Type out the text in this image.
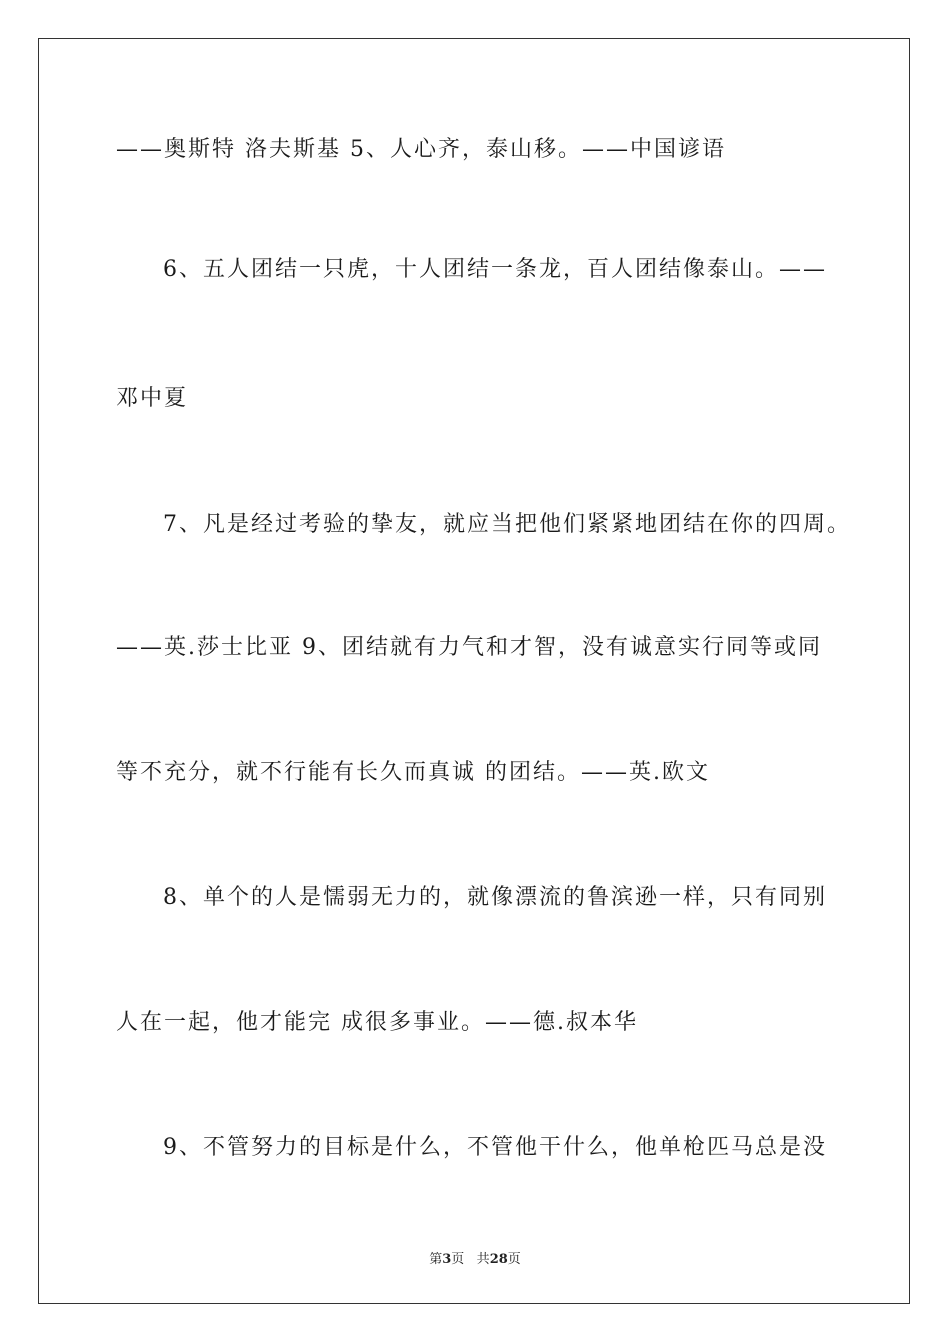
——奥斯特 洛夫斯基 5、人心齐，泰山移。——中国谚语
6、五人团结一只虎，十人团结一条龙，百人团结像泰山。——
邓中夏
7、凡是经过考验的挚友，就应当把他们紧紧地团结在你的四周。
——英.莎士比亚 9、团结就有力气和才智，没有诚意实行同等或同
等不充分，就不行能有长久而真诚 的团结。——英.欧文
8、单个的人是懦弱无力的，就像漂流的鲁滨逊一样，只有同别
人在一起，他才能完 成很多事业。——德.叔本华
9、不管努力的目标是什么，不管他干什么，他单枪匹马总是没
第3页 共28页
